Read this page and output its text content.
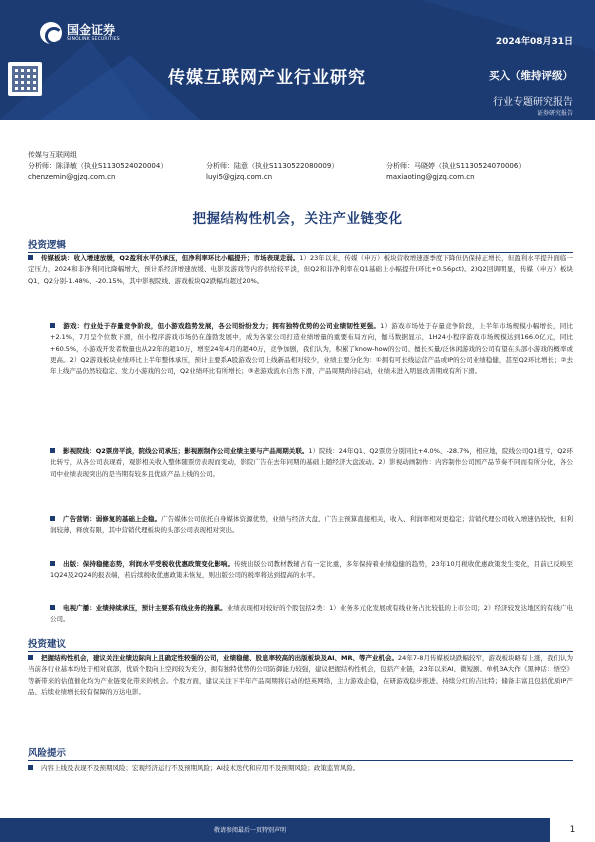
国金证券
SINOLINK SECURITIES	2024年08月31日
传媒互联网产业行业研究	买入（维持评级）
行业专题研究报告
证券研究报告
传媒与互联网组
分析师：陈泽敏（执业S1130524020004）
chenzemin@gjzq.com.cn
分析师：陆意（执业S1130522080009）
luyi5@gjzq.com.cn
分析师：马晓婷（执业S1130524070006）
maxiaoting@gjzq.com.cn
把握结构性机会，关注产业链变化
投资逻辑
传媒板块：收入增速放缓，Q2盈利水平仍承压，但净利率环比小幅提升；市场表现走弱。1）23年以来，传媒（申万）板块营收增速逐季度下降但仍保持正增长，但盈利水平提升面临一定压力，2024和非净利同比降幅增大，预计系经济增速放缓、电影及游戏等内容供给较平淡，但Q2和非净利率在Q1基础上小幅提升(环比+0.56pct)。2)Q2回调明显，传媒（申万）板块Q1、Q2分别-1.48%、-20.15%，其中影视院线、游戏板块Q2跌幅均超过20%。
游戏：行业处于存量竞争阶段，但小游戏趋势发展，各公司纷纷发力；拥有独特优势的公司业绩韧性更强。1）游戏市场处于存量竞争阶段，上半年市场规模小幅增长，同比+2.1%，7月呈个位数下滑，但小程序游戏市场仍在蓬勃发展中，成为各家公司打造业绩增量的重要布局方向，伽马数据显示，1H24小程序游戏市场规模达到166.0亿元，同比+60.5%，小游戏开发者数量也从22年的超10万，增至24年4月的超40万，竞争加剧，我们认为，积累了know-how的公司、擅长买量/泛休闲游戏的公司有望在头部小游戏的概率或更高。2）Q2游戏板块业绩环比上半年整体承压，预计主要系A股游戏公司上线新品相对较少，业绩主要分化为：①拥有可长线运营产品或IP的公司业绩稳健，甚至Q2环比增长；②去年上线产品仍然较稳定、发力小游戏的公司，Q2业绩环比有所增长；③老游戏流水自然下滑，产品周期尚待启动，业绩未进入明显改善期或有所下滑。
影视院线：Q2票房平淡，院线公司承压；影视剧制作公司业绩主要与产品周期关联。1）院线：24年Q1、Q2票房分别同比+4.0%、-28.7%，相应地，院线公司Q1扭亏，Q2环比转亏，从各公司表现看，观影相关收入整体随票房表现而变动，影院广告在去年同期的基础上随经济大盘波动。2）影视动画制作：内容制作公司国产品节奏不同而有所分化，各公司中业绩表现突出的是当期有较多且优质产品上线的公司。
广告营销：弱修复的基础上企稳。广告媒体公司依托自身媒体资源优势，业绩与经济大盘、广告主预算直接相关，收入、利润率相对更稳定；营销代理公司收入增速仍较快，但利润较薄，释放有限，其中营销代理板块的头部公司表现相对突出。
出版：保持稳健态势，利润水平受税收优惠政策变化影响。传统出版公司教材教辅占有一定比重，多年保持着业绩稳健的趋势，23年10月税收优惠政策发生变化，目前已反映至1Q24及2Q24的报表端，若后续税收优惠政策未恢复，则出版公司的税率将达到提高的水平。
电视广播：业绩持续承压，预计主要系有线业务的拖累。业绩表现相对较好的个股包括2类：1）业务多元化发展或有线业务占比较低的上市公司；2）经济较发达地区的有线广电公司。
投资建议
把握结构性机会，建议关注业绩边际向上且确定性较强的公司，业绩稳健、股息率较高的出版板块及AI、MR、等产业机会。24年7-8月传媒板块跌幅较窄，游戏板块略有上涨，我们认为当前各行业基本均处于相对底部，优质个股向上空间较为充分，拥有独特优势的公司防御能力较强，建议把握结构性机会，包括产业链，23年以来AI、微短剧、单机3A大作《黑神话：悟空》等新带来的估值催化均为产业链变化带来的机会。个股方面，建议关注下半年产品周期将启动的恺英网络，主力游戏企稳，在研游戏稳步推进、持续分红的吉比特；储备丰富且包括优质IP产品、后续业绩增长较有保障的万达电影。
风险提示
内容上线及表现不及预期风险；宏观经济运行不及预期风险；AI技术迭代和应用不及预期风险；政策监管风险。
敬请参阅最后一页特别声明	1
